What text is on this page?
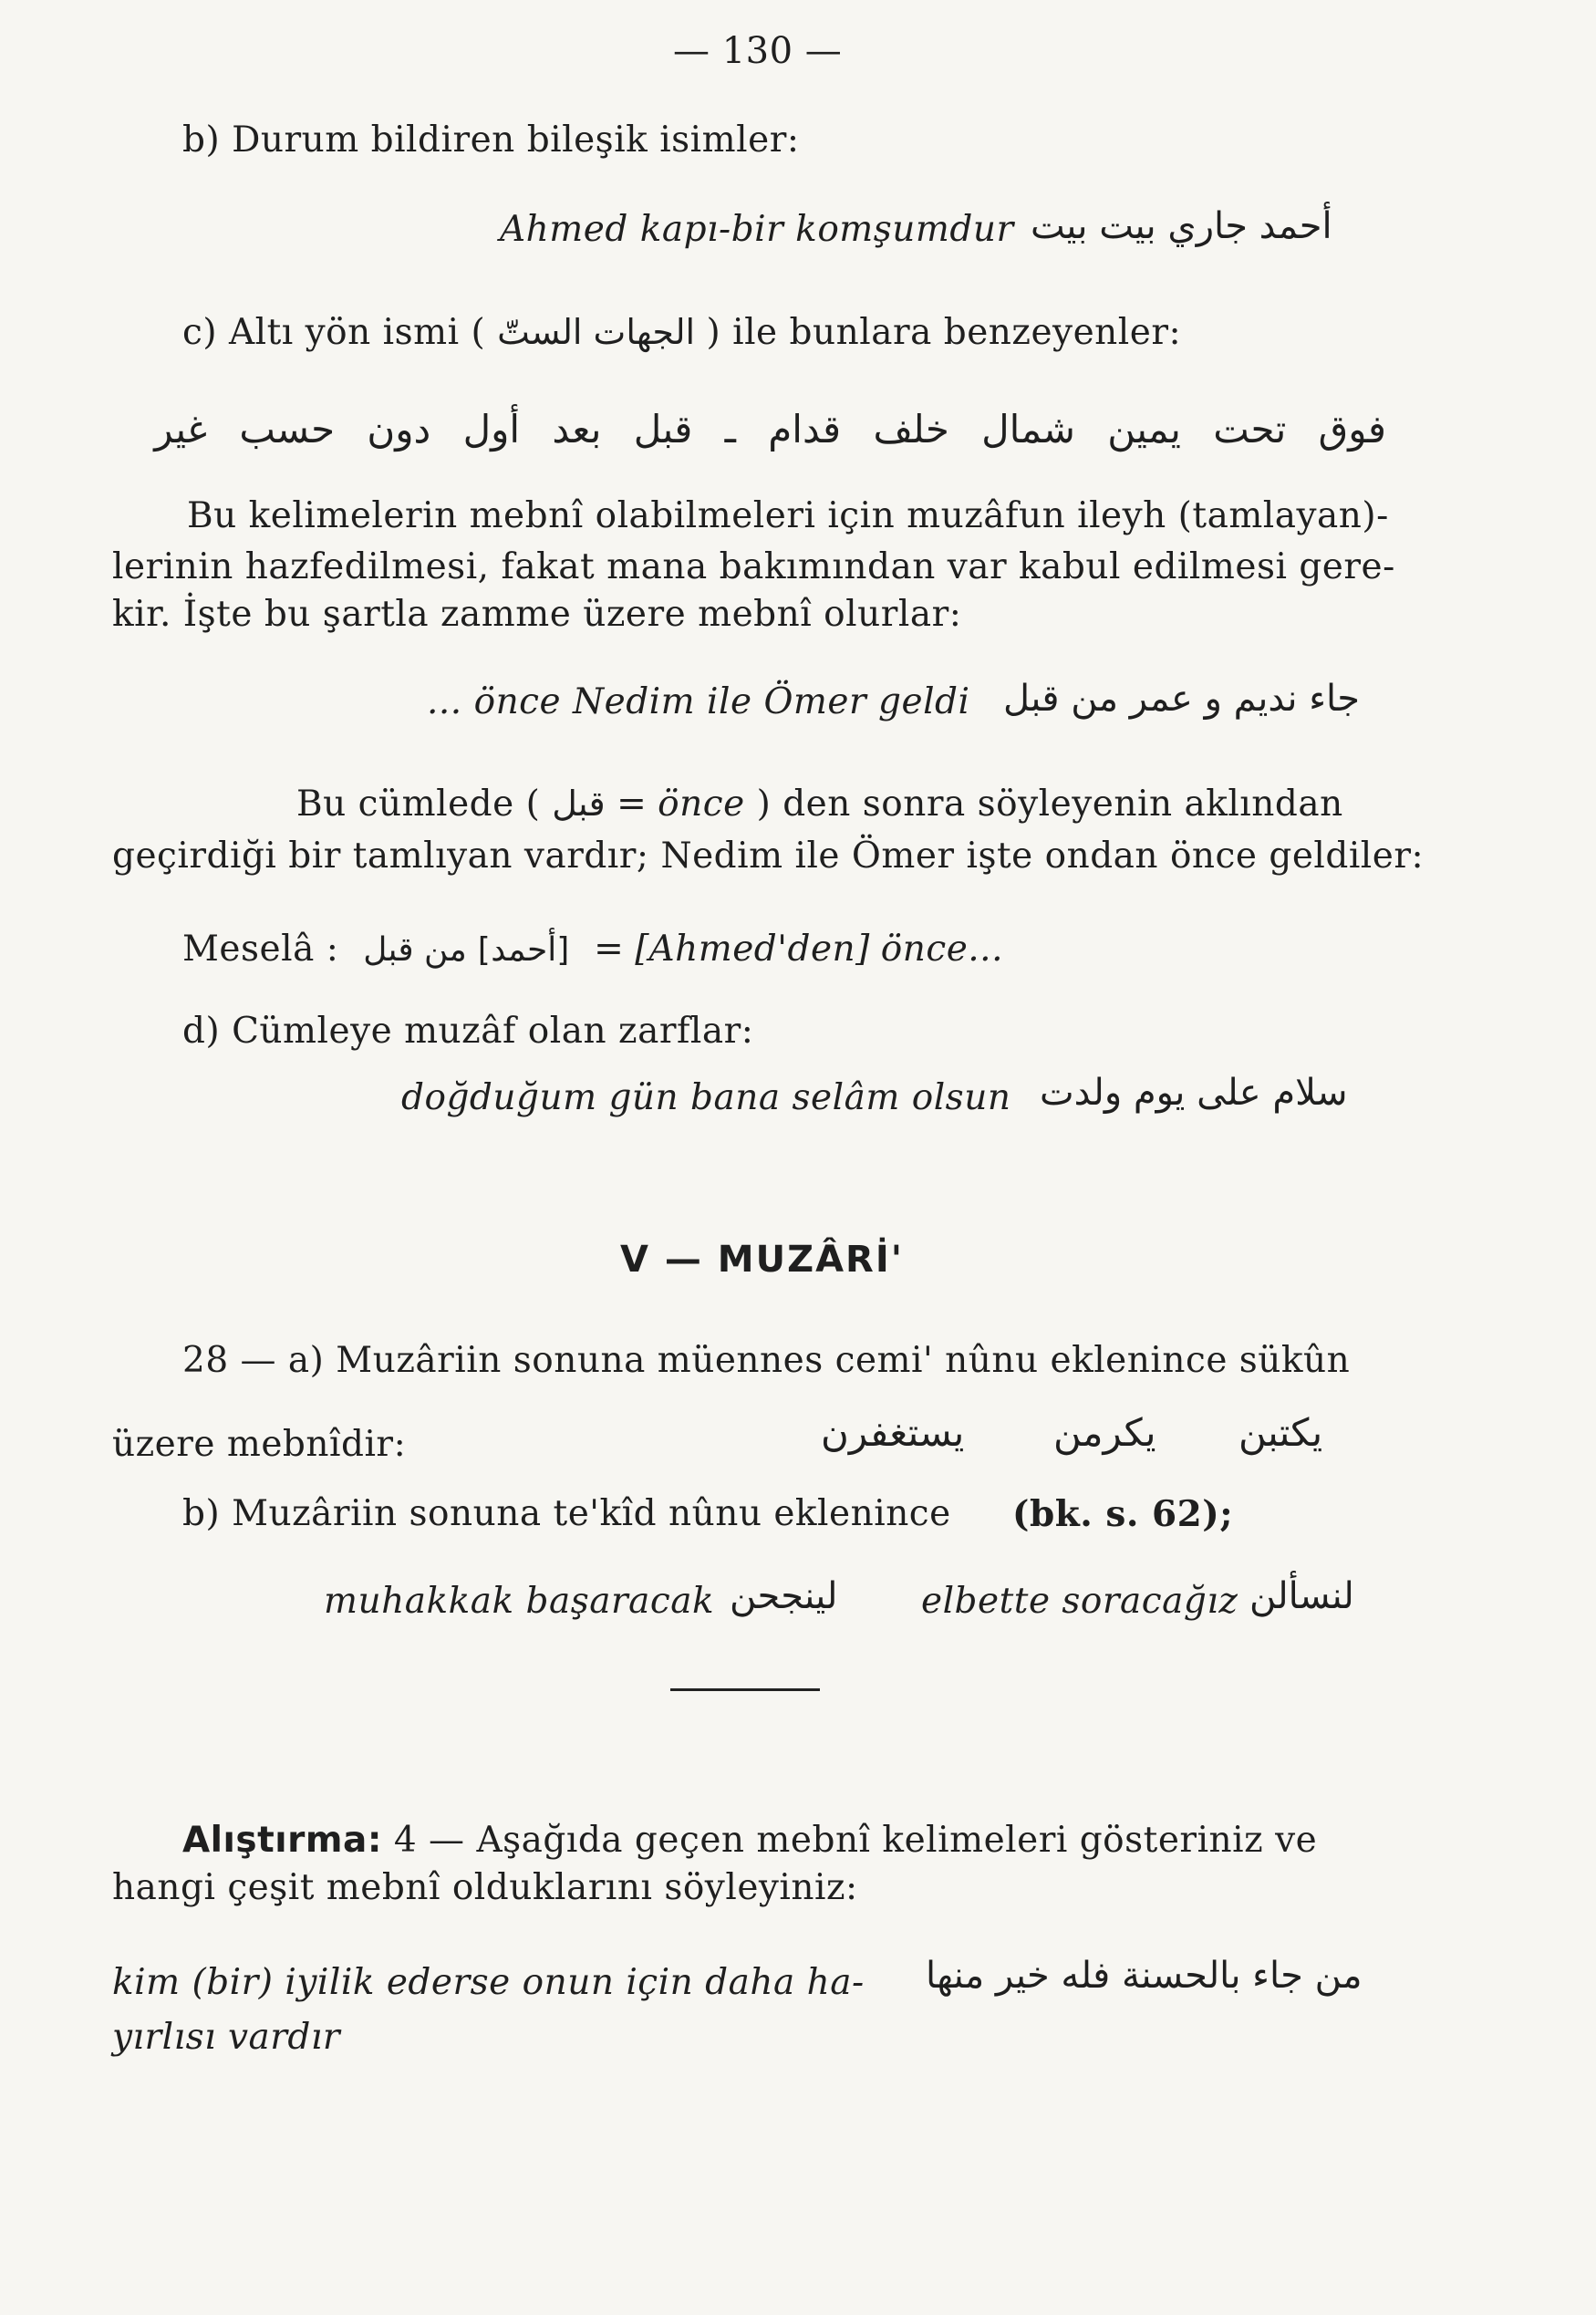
— 130 —
b) Durum bildiren bileşik isimler:
Ahmed kapı-bir komşumdur أحمد جاري بيت بيت
c) Altı yön ismi ( الجهات الستّ ) ile bunlara benzeyenler:
فوق تحت يمين شمال خلف قدام ـ قبل بعد أول دون حسب غير
Bu kelimelerin mebnî olabilmeleri için muzâfun ileyh (tamlayan)-
lerinin hazfedilmesi, fakat mana bakımından var kabul edilmesi gere-
kir. İşte bu şartla zamme üzere mebnî olurlar:
... önce Nedim ile Ömer geldi جاء نديم و عمر من قبل
Bu cümlede ( قبل = önce ) den sonra söyleyenin aklından
geçirdiği bir tamlıyan vardır; Nedim ile Ömer işte ondan önce geldiler:
Meselâ : [أحمد] من قبل = [Ahmed'den] önce...
d) Cümleye muzâf olan zarflar:
doğduğum gün bana selâm olsun سلام على يوم ولدت
V — MUZÂRİ'
28 — a) Muzâriin sonuna müennes cemi' nûnu eklenince sükûn
üzere mebnîdir:	يكتبن
يكرمن
يستغفرن
b) Muzâriin sonuna te'kîd nûnu eklenince (bk. s. 62);
muhakkak başaracak لينجحن elbette soracağız لنسألن
Alıştırma: 4 — Aşağıda geçen mebnî kelimeleri gösteriniz ve
hangi çeşit mebnî olduklarını söyleyiniz:
kim (bir) iyilik ederse onun için daha ha-
yırlısı vardır
من جاء بالحسنة فله خير منها
